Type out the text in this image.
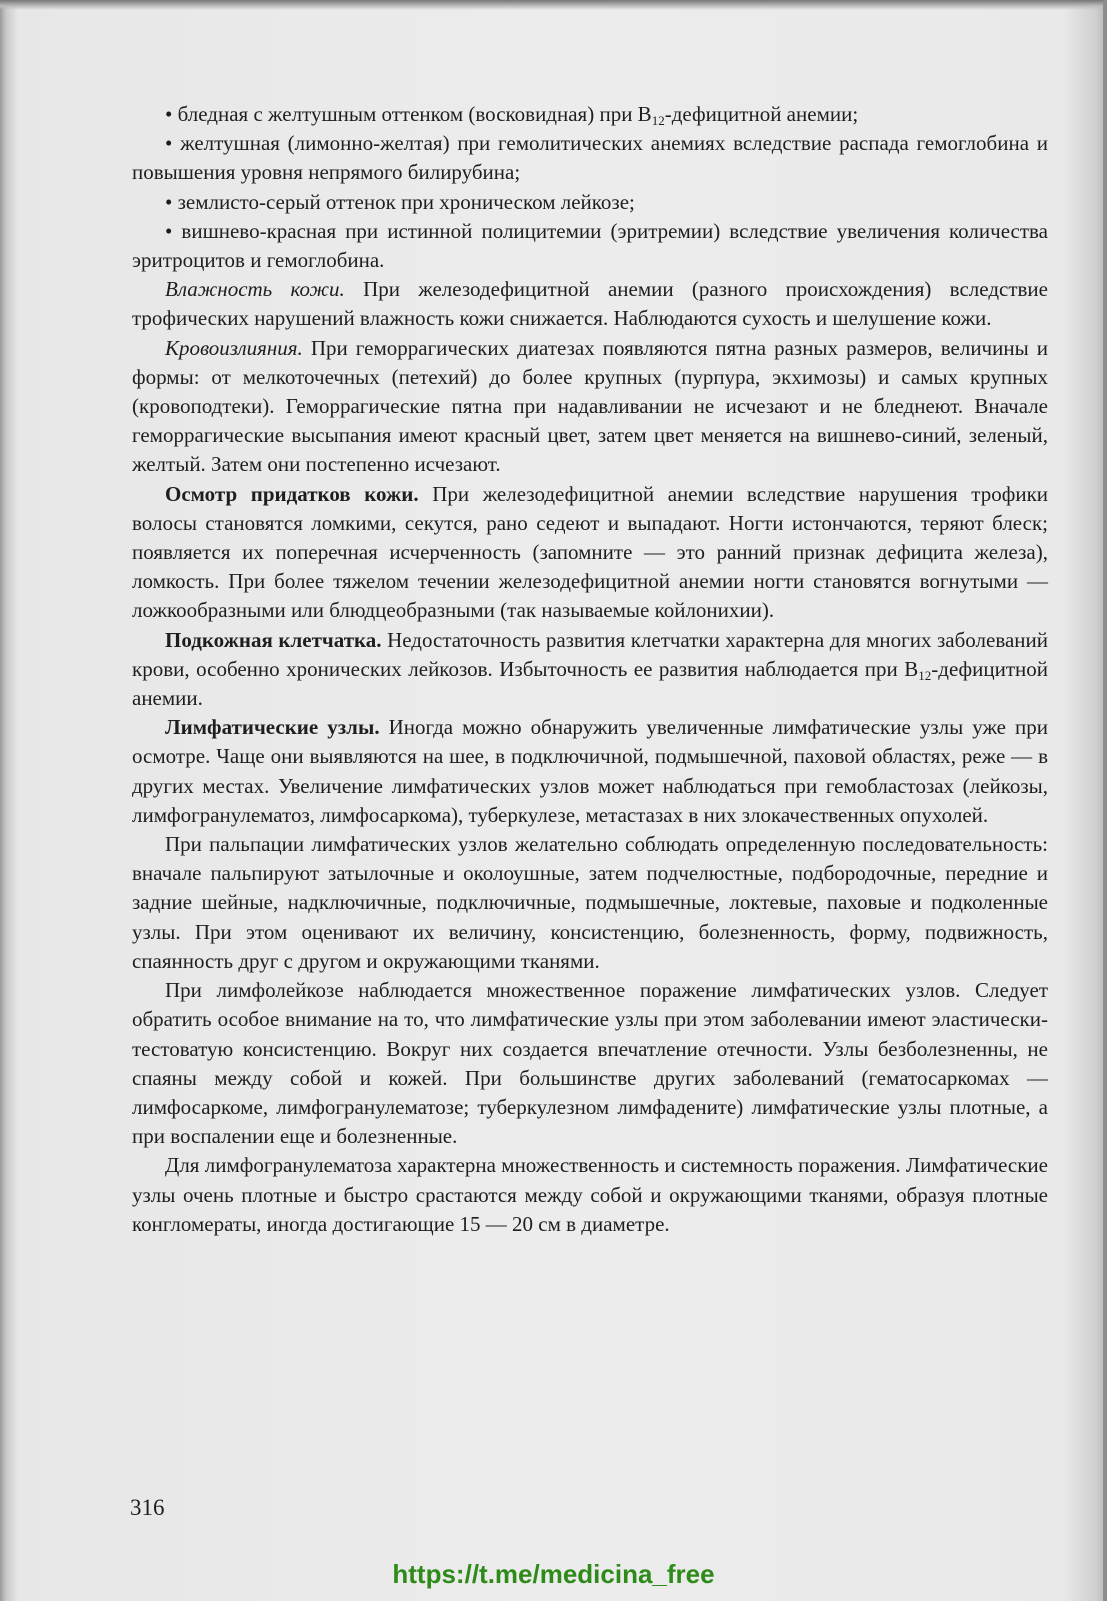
• бледная с желтушным оттенком (восковидная) при $B_{12}$-дефицитной анемии;

• желтушная (лимонно-желтая) при гемолитических анемиях вследствие распада гемоглобина и повышения уровня непрямого билирубина;

• землисто-серый оттенок при хроническом лейкозе;

• вишнево-красная при истинной полицитемии (эритремии) вследствие увеличения количества эритроцитов и гемоглобина.

Влажность кожи. При железодефицитной анемии (разного происхождения) вследствие трофических нарушений влажность кожи снижается. Наблюдаются сухость и шелушение кожи.

Кровоизлияния. При геморрагических диатезах появляются пятна разных размеров, величины и формы: от мелкоточечных (петехий) до более крупных (пурпура, экхимозы) и самых крупных (кровоподтеки). Геморрагические пятна при надавливании не исчезают и не бледнеют. Вначале геморрагические высыпания имеют красный цвет, затем цвет меняется на вишнево-синий, зеленый, желтый. Затем они постепенно исчезают.

Осмотр придатков кожи. При железодефицитной анемии вследствие нарушения трофики волосы становятся ломкими, секутся, рано седеют и выпадают. Ногти истончаются, теряют блеск; появляется их поперечная исчерченность (запомните — это ранний признак дефицита железа), ломкость. При более тяжелом течении железодефицитной анемии ногти становятся вогнутыми — ложкообразными или блюдцеобразными (так называемые койлонихии).

Подкожная клетчатка. Недостаточность развития клетчатки характерна для многих заболеваний крови, особенно хронических лейкозов. Избыточность ее развития наблюдается при $B_{12}$-дефицитной анемии.

Лимфатические узлы. Иногда можно обнаружить увеличенные лимфатические узлы уже при осмотре. Чаще они выявляются на шее, в подключичной, подмышечной, паховой областях, реже — в других местах. Увеличение лимфатических узлов может наблюдаться при гемобластозах (лейкозы, лимфогранулематоз, лимфосаркома), туберкулезе, метастазах в них злокачественных опухолей.

При пальпации лимфатических узлов желательно соблюдать определенную последовательность: вначале пальпируют затылочные и околоушные, затем подчелюстные, подбородочные, передние и задние шейные, надключичные, подключичные, подмышечные, локтевые, паховые и подколенные узлы. При этом оценивают их величину, консистенцию, болезненность, форму, подвижность, спаянность друг с другом и окружающими тканями.

При лимфолейкозе наблюдается множественное поражение лимфатических узлов. Следует обратить особое внимание на то, что лимфатические узлы при этом заболевании имеют эластически-тестоватую консистенцию. Вокруг них создается впечатление отечности. Узлы безболезненны, не спаяны между собой и кожей. При большинстве других заболеваний (гематосаркомах — лимфосаркоме, лимфогранулематозе; туберкулезном лимфадените) лимфатические узлы плотные, а при воспалении еще и болезненные.

Для лимфогранулематоза характерна множественность и системность поражения. Лимфатические узлы очень плотные и быстро срастаются между собой и окружающими тканями, образуя плотные конгломераты, иногда достигающие 15 — 20 см в диаметре.

316
https://t.me/medicina_free
